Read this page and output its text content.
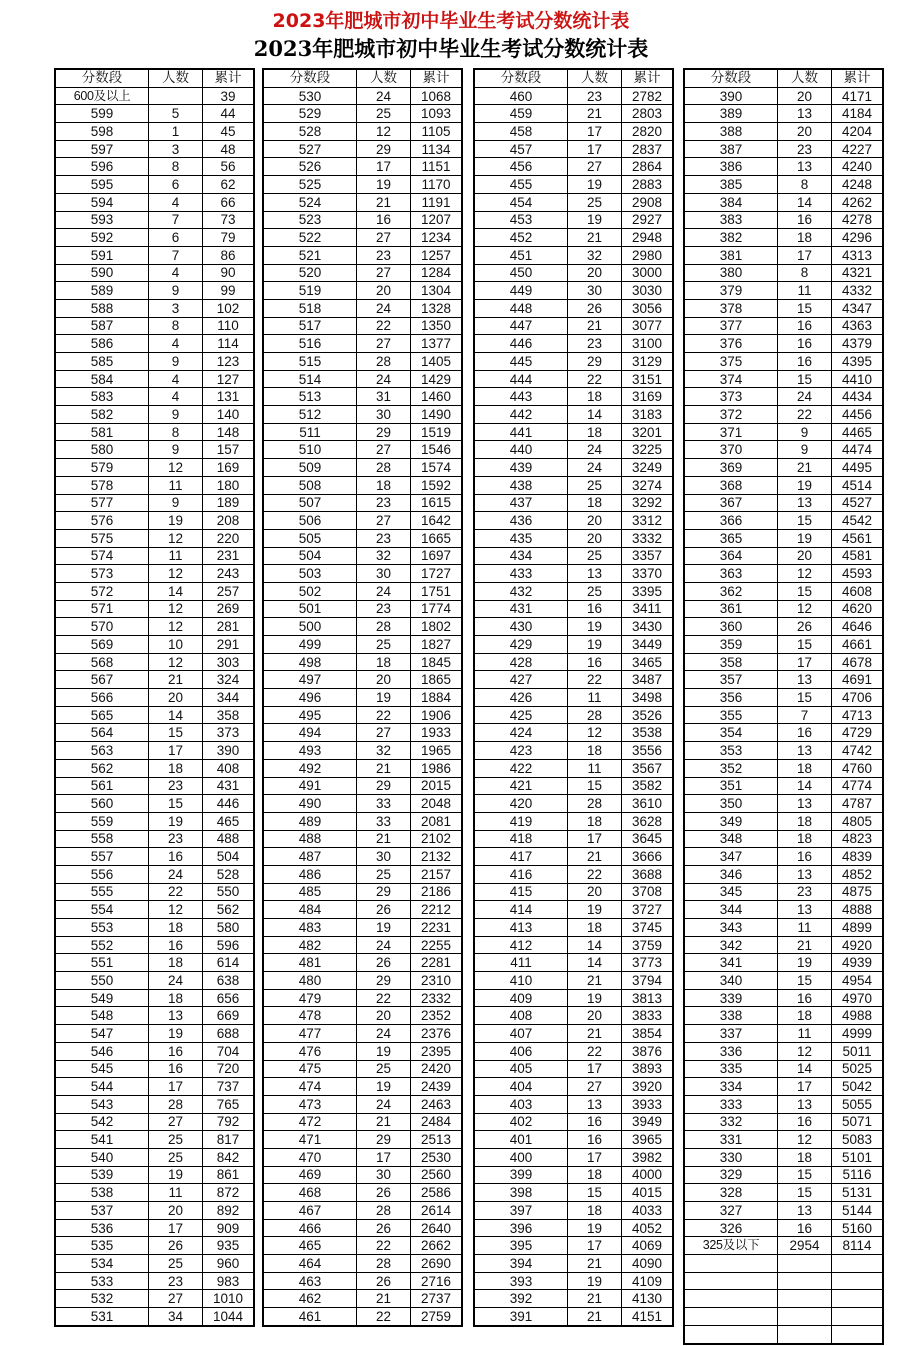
2023年肥城市初中毕业生考试分数统计表
2023年肥城市初中毕业生考试分数统计表
分数段	人数	累计
600及以上		39
599	5	44
598	1	45
597	3	48
596	8	56
595	6	62
594	4	66
593	7	73
592	6	79
591	7	86
590	4	90
589	9	99
588	3	102
587	8	110
586	4	114
585	9	123
584	4	127
583	4	131
582	9	140
581	8	148
580	9	157
579	12	169
578	11	180
577	9	189
576	19	208
575	12	220
574	11	231
573	12	243
572	14	257
571	12	269
570	12	281
569	10	291
568	12	303
567	21	324
566	20	344
565	14	358
564	15	373
563	17	390
562	18	408
561	23	431
560	15	446
559	19	465
558	23	488
557	16	504
556	24	528
555	22	550
554	12	562
553	18	580
552	16	596
551	18	614
550	24	638
549	18	656
548	13	669
547	19	688
546	16	704
545	16	720
544	17	737
543	28	765
542	27	792
541	25	817
540	25	842
539	19	861
538	11	872
537	20	892
536	17	909
535	26	935
534	25	960
533	23	983
532	27	1010
531	34	1044
分数段	人数	累计
530	24	1068
529	25	1093
528	12	1105
527	29	1134
526	17	1151
525	19	1170
524	21	1191
523	16	1207
522	27	1234
521	23	1257
520	27	1284
519	20	1304
518	24	1328
517	22	1350
516	27	1377
515	28	1405
514	24	1429
513	31	1460
512	30	1490
511	29	1519
510	27	1546
509	28	1574
508	18	1592
507	23	1615
506	27	1642
505	23	1665
504	32	1697
503	30	1727
502	24	1751
501	23	1774
500	28	1802
499	25	1827
498	18	1845
497	20	1865
496	19	1884
495	22	1906
494	27	1933
493	32	1965
492	21	1986
491	29	2015
490	33	2048
489	33	2081
488	21	2102
487	30	2132
486	25	2157
485	29	2186
484	26	2212
483	19	2231
482	24	2255
481	26	2281
480	29	2310
479	22	2332
478	20	2352
477	24	2376
476	19	2395
475	25	2420
474	19	2439
473	24	2463
472	21	2484
471	29	2513
470	17	2530
469	30	2560
468	26	2586
467	28	2614
466	26	2640
465	22	2662
464	28	2690
463	26	2716
462	21	2737
461	22	2759
分数段	人数	累计
460	23	2782
459	21	2803
458	17	2820
457	17	2837
456	27	2864
455	19	2883
454	25	2908
453	19	2927
452	21	2948
451	32	2980
450	20	3000
449	30	3030
448	26	3056
447	21	3077
446	23	3100
445	29	3129
444	22	3151
443	18	3169
442	14	3183
441	18	3201
440	24	3225
439	24	3249
438	25	3274
437	18	3292
436	20	3312
435	20	3332
434	25	3357
433	13	3370
432	25	3395
431	16	3411
430	19	3430
429	19	3449
428	16	3465
427	22	3487
426	11	3498
425	28	3526
424	12	3538
423	18	3556
422	11	3567
421	15	3582
420	28	3610
419	18	3628
418	17	3645
417	21	3666
416	22	3688
415	20	3708
414	19	3727
413	18	3745
412	14	3759
411	14	3773
410	21	3794
409	19	3813
408	20	3833
407	21	3854
406	22	3876
405	17	3893
404	27	3920
403	13	3933
402	16	3949
401	16	3965
400	17	3982
399	18	4000
398	15	4015
397	18	4033
396	19	4052
395	17	4069
394	21	4090
393	19	4109
392	21	4130
391	21	4151
分数段	人数	累计
390	20	4171
389	13	4184
388	20	4204
387	23	4227
386	13	4240
385	8	4248
384	14	4262
383	16	4278
382	18	4296
381	17	4313
380	8	4321
379	11	4332
378	15	4347
377	16	4363
376	16	4379
375	16	4395
374	15	4410
373	24	4434
372	22	4456
371	9	4465
370	9	4474
369	21	4495
368	19	4514
367	13	4527
366	15	4542
365	19	4561
364	20	4581
363	12	4593
362	15	4608
361	12	4620
360	26	4646
359	15	4661
358	17	4678
357	13	4691
356	15	4706
355	7	4713
354	16	4729
353	13	4742
352	18	4760
351	14	4774
350	13	4787
349	18	4805
348	18	4823
347	16	4839
346	13	4852
345	23	4875
344	13	4888
343	11	4899
342	21	4920
341	19	4939
340	15	4954
339	16	4970
338	18	4988
337	11	4999
336	12	5011
335	14	5025
334	17	5042
333	13	5055
332	16	5071
331	12	5083
330	18	5101
329	15	5116
328	15	5131
327	13	5144
326	16	5160
325及以下	2954	8114
